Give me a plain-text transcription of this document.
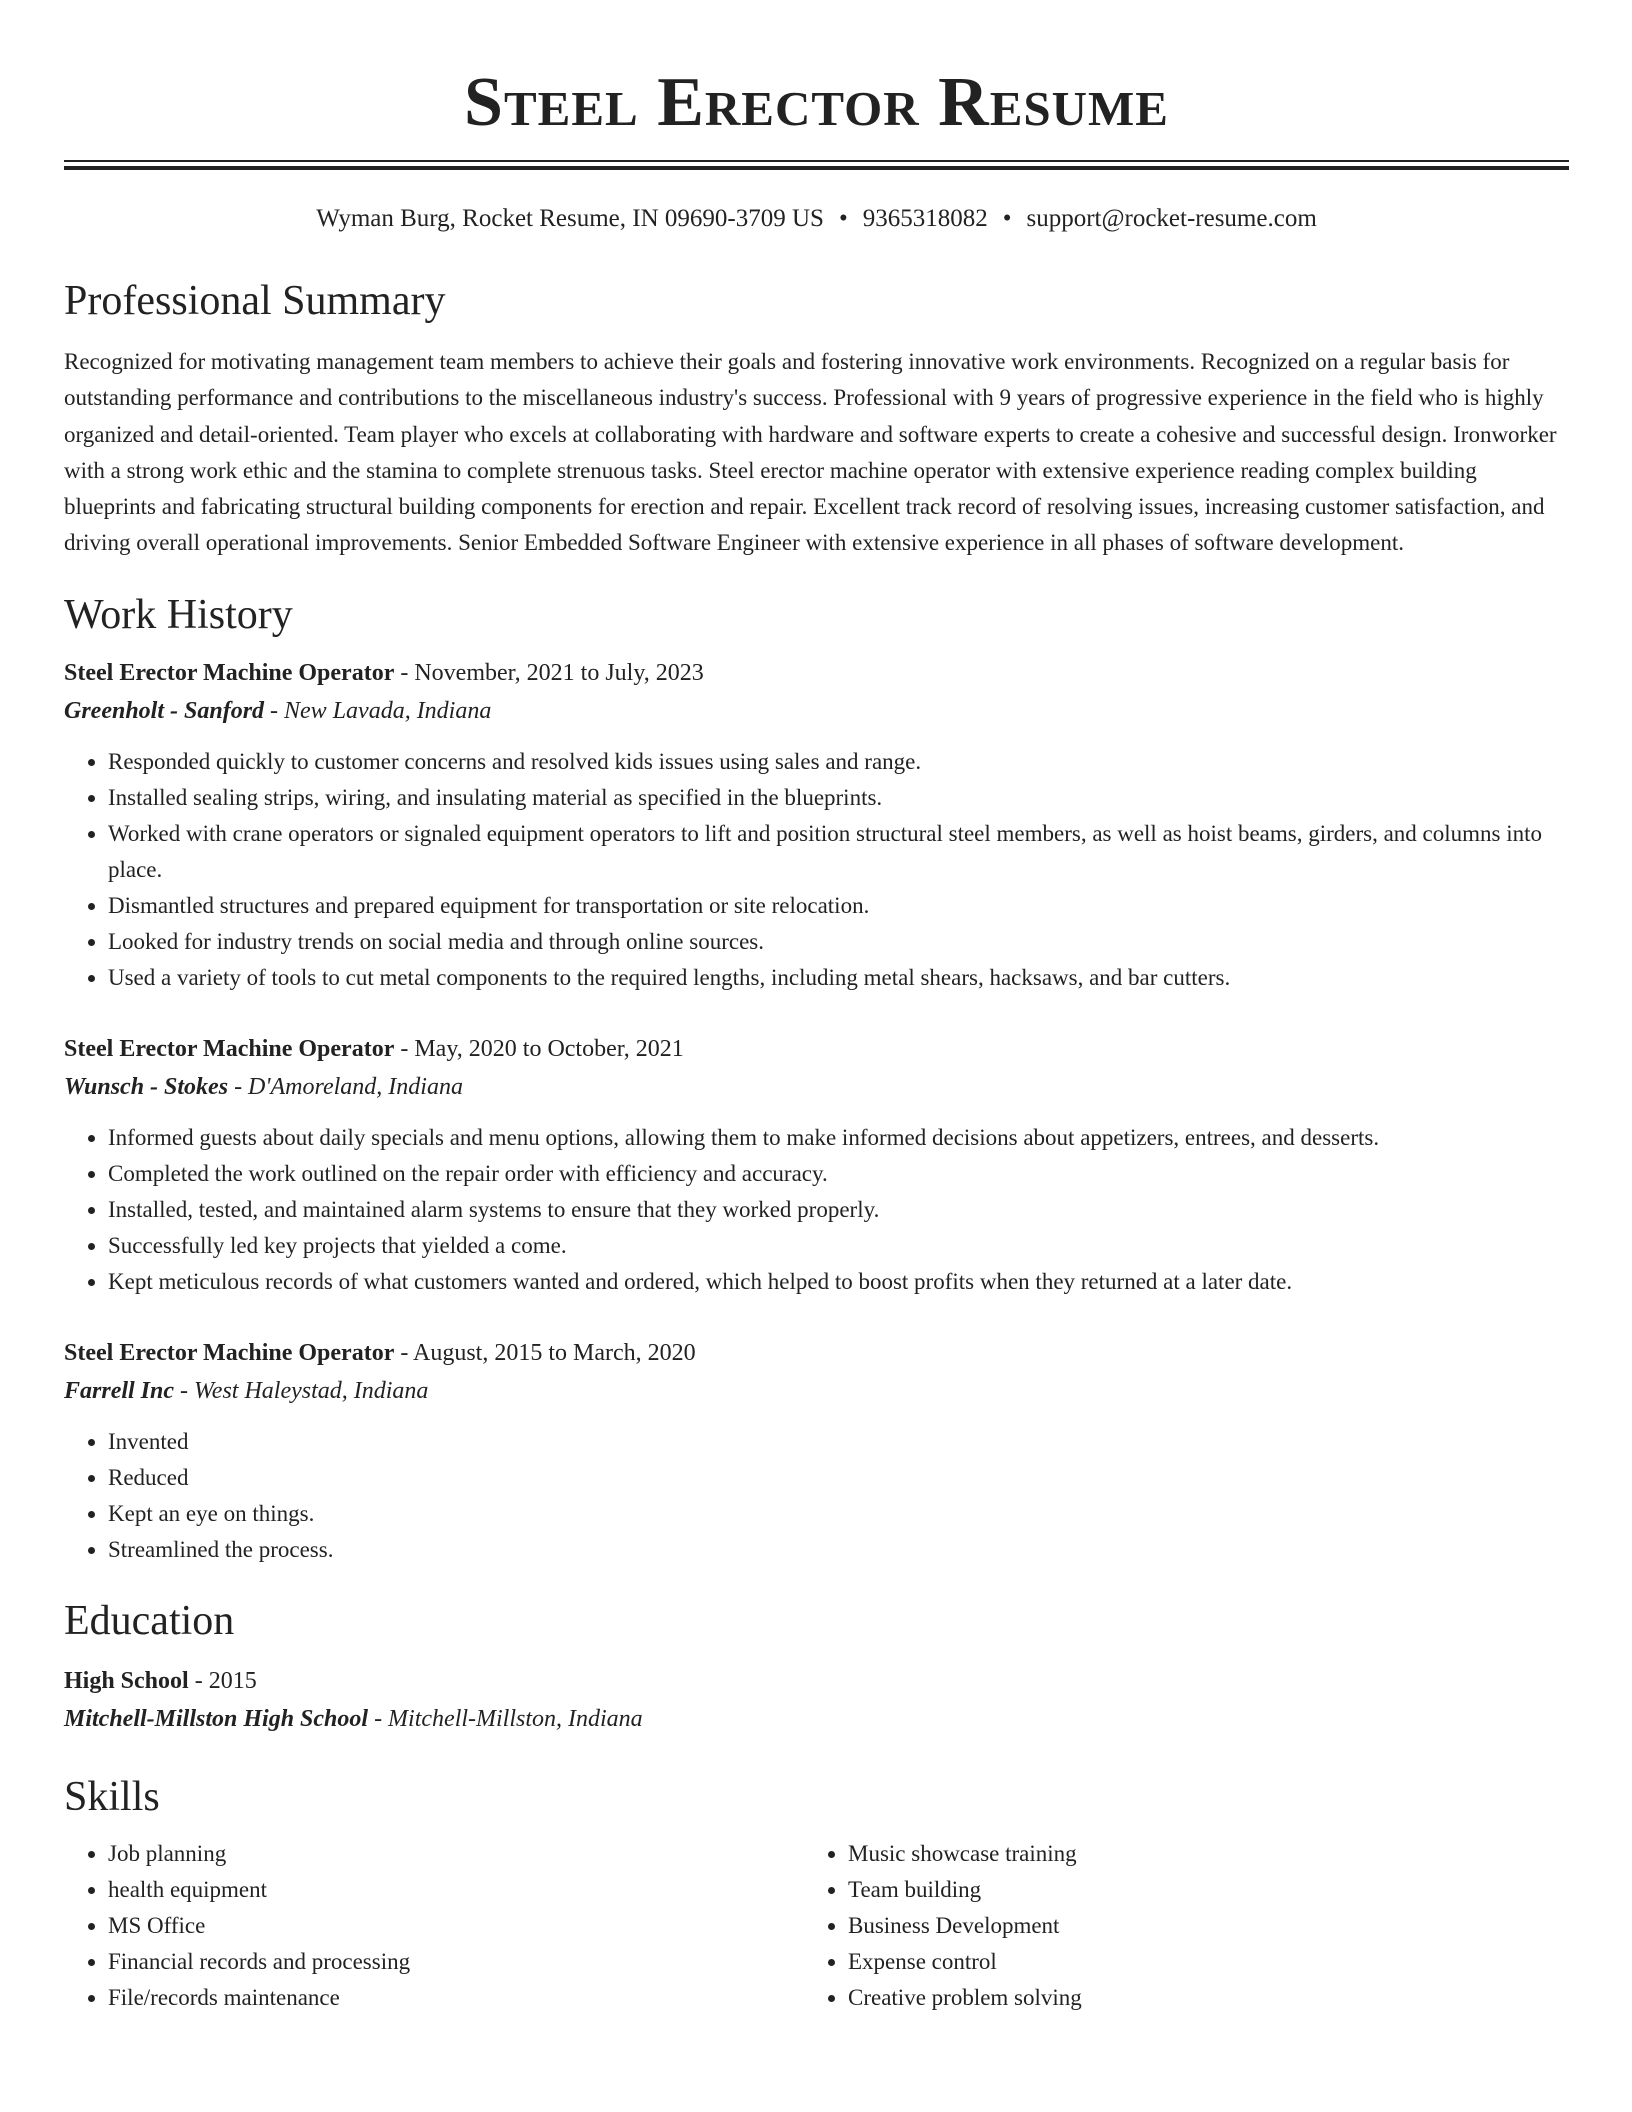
Steel Erector Resume
Wyman Burg, Rocket Resume, IN 09690-3709 US • 9365318082 • support@rocket-resume.com
Professional Summary
Recognized for motivating management team members to achieve their goals and fostering innovative work environments. Recognized on a regular basis for outstanding performance and contributions to the miscellaneous industry's success. Professional with 9 years of progressive experience in the field who is highly organized and detail-oriented. Team player who excels at collaborating with hardware and software experts to create a cohesive and successful design. Ironworker with a strong work ethic and the stamina to complete strenuous tasks. Steel erector machine operator with extensive experience reading complex building blueprints and fabricating structural building components for erection and repair. Excellent track record of resolving issues, increasing customer satisfaction, and driving overall operational improvements. Senior Embedded Software Engineer with extensive experience in all phases of software development.
Work History
Steel Erector Machine Operator - November, 2021 to July, 2023
Greenholt - Sanford - New Lavada, Indiana
• Responded quickly to customer concerns and resolved kids issues using sales and range.
• Installed sealing strips, wiring, and insulating material as specified in the blueprints.
• Worked with crane operators or signaled equipment operators to lift and position structural steel members, as well as hoist beams, girders, and columns into place.
• Dismantled structures and prepared equipment for transportation or site relocation.
• Looked for industry trends on social media and through online sources.
• Used a variety of tools to cut metal components to the required lengths, including metal shears, hacksaws, and bar cutters.
Steel Erector Machine Operator - May, 2020 to October, 2021
Wunsch - Stokes - D'Amoreland, Indiana
• Informed guests about daily specials and menu options, allowing them to make informed decisions about appetizers, entrees, and desserts.
• Completed the work outlined on the repair order with efficiency and accuracy.
• Installed, tested, and maintained alarm systems to ensure that they worked properly.
• Successfully led key projects that yielded a come.
• Kept meticulous records of what customers wanted and ordered, which helped to boost profits when they returned at a later date.
Steel Erector Machine Operator - August, 2015 to March, 2020
Farrell Inc - West Haleystad, Indiana
• Invented
• Reduced
• Kept an eye on things.
• Streamlined the process.
Education
High School - 2015
Mitchell-Millston High School - Mitchell-Millston, Indiana
Skills
• Job planning
• health equipment
• MS Office
• Financial records and processing
• File/records maintenance
• Music showcase training
• Team building
• Business Development
• Expense control
• Creative problem solving
